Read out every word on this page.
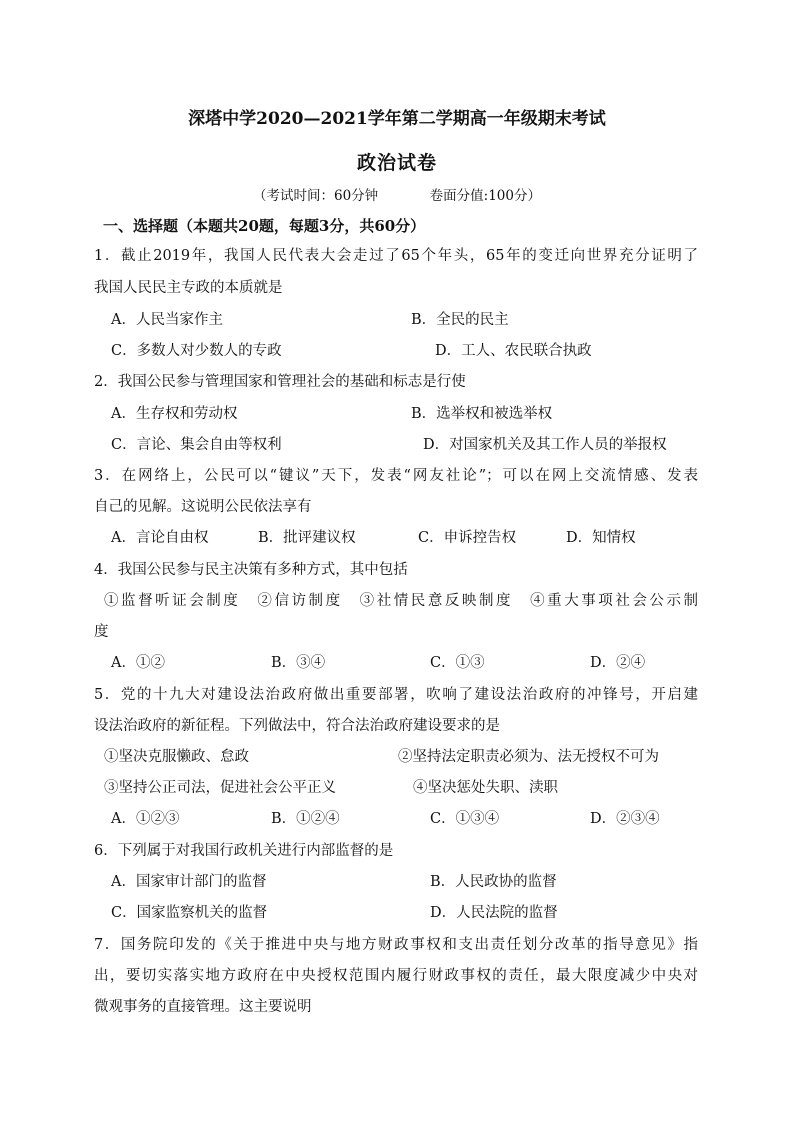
深塔中学2020—2021学年第二学期高一年级期末考试
政治试卷
（考试时间：60分钟	卷面分值:100分）
一、选择题（本题共20题，每题3分，共60分）
1．截止2019年，我国人民代表大会走过了65个年头，65年的变迁向世界充分证明了
我国人民民主专政的本质就是
A．人民当家作主	B．全民的民主
C．多数人对少数人的专政	D．工人、农民联合执政
2．我国公民参与管理国家和管理社会的基础和标志是行使
A．生存权和劳动权	B．选举权和被选举权
C．言论、集会自由等权利	D．对国家机关及其工作人员的举报权
3．在网络上，公民可以“键议”天下，发表“网友社论”；可以在网上交流情感、发表
自己的见解。这说明公民依法享有
A．言论自由权	B．批评建议权	C．申诉控告权	D．知情权
4．我国公民参与民主决策有多种方式，其中包括
①监督听证会制度　②信访制度　③社情民意反映制度　④重大事项社会公示制
度
A．①②	B．③④	C．①③	D．②④
5．党的十九大对建设法治政府做出重要部署，吹响了建设法治政府的冲锋号，开启建
设法治政府的新征程。下列做法中，符合法治政府建设要求的是
①坚决克服懒政、怠政	②坚持法定职责必须为、法无授权不可为
③坚持公正司法，促进社会公平正义	④坚决惩处失职、渎职
A．①②③	B．①②④	C．①③④	D．②③④
6．下列属于对我国行政机关进行内部监督的是
A．国家审计部门的监督	B．人民政协的监督
C．国家监察机关的监督	D．人民法院的监督
7．国务院印发的《关于推进中央与地方财政事权和支出责任划分改革的指导意见》指
出，要切实落实地方政府在中央授权范围内履行财政事权的责任，最大限度减少中央对
微观事务的直接管理。这主要说明
